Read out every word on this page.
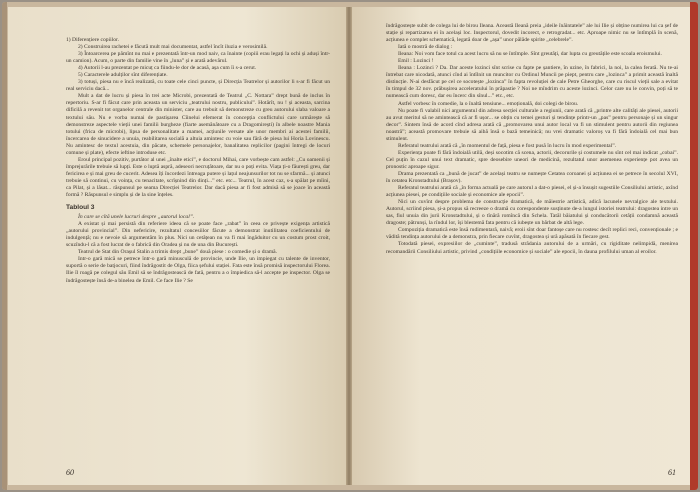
1) Diferențiere copiilor.

2) Construirea rachetei e făcută mult mai documentat, astfel încît iluzia e verosimilă.

3) Întoarcerea pe pămînt nu mai e prezentată într-un mod naiv, ca înainte (copiii erau legați la ochi și aduși într-un camion). Acum, o parte din familie vine în „luna” și e arată adevărul.

4) Autorii l-au prezentat pe micuț ca fiindu-le dor de acasă, așa cum îi s-a cerut.

5) Caracterele adulților sînt diferențiate.

3) totuși, piesa nu e încă realizată, cu toate cele cinci puncte, și Direcția Teatrelor și autorilor li s-ar fi făcut un real serviciu dacă...

Mult a dat de lucru și piesa în trei acte Microbi, prezentată de Teatrul „C. Nottara” drept bună de inclus în repertoriu. S-ar fi făcut care prin aceasta un serviciu „teatrului nostru, publicului”. Hotărît, nu ! și aceasta, sarcina dificilă a revenit tot organelor centrale din minister, care au trebuit să demonstreze cu greu autorului slaba valoare a textului său. Nu e vorba numai de pastișarea Cîinelui efemerat în concepția conflictului care urmărește să demonstreze aspectele vieții unei familii burgheze (fiarte asemănătoare cu a Dragomirești) în albele noastre Mania totului (frica de microbi), lipsa de personalitate a mamei, acțiunile versate ale unor membri ai acestei familii, încercarea de sinucidere a unuia, reabilitarea socială a altuia amintesc cu voie sau fără de piesa lui Horia Lovinescu. Nu amintesc de textul acestuia, din păcate, schemele personajelor, banalitatea replicilor (pagini întregi de locuri comune și plate), efecte ieftine introduse etc.

Eroul principal pozitiv, purtător al unei „înalte etici”, e doctorul Mihai, care vorbește cam astfel: „Cu oamenii și împrejurările trebuie să lupți. Este o luptă aspră, adeseori necruțătoare, dar nu o poți evita. Viața ți-o făurești greu, dar fericirea e și mai greu de cucerit. Adesea îți încordezi întreaga putere și lațul neajunsurilor tot nu se sfarmă... și atunci trebuie să continui, cu voința, cu tenacitate, scrîșnind din dinți...” etc. etc... Teatrul, în acest caz, s-a spălat pe mîini, ca Pilat, și a lăsat... răspunsul pe seama Direcției Teatrelor. Dar dacă piesa ar fi fost admisă să se joace în această formă ? Răspunsul e simplu și de la sine înțeles.

Tabloul 3

În care se cîtă unele lucruri despre „autorul local”.

A existat și mai persistă din referiere ideea că se poate face „rabat” în ceea ce privește exigența artistică „autorului provincial”. Din nefericire, rezultatul concesiilor făcute a demonstrat inutilitatea coeficientului de indulgență; nu e nevoie să argumentăm în plus. Nici un cetățean nu va fi mai îngăduitor cu un costum prost croit, scuzîndu-l că a fost lucrat de o fabrică din Oradea și nu de una din București.

Teatrul de Stat din Orașul Stalin a trimis drept „bune” două piese : o comedie și o dramă.

Intr-o gară mică se petrece într-o gară minusculă de provincie, unde Ilie, un impiegat cu talente de inventor, suportă o serie de batjocuri, fiind îndrăgostit de Olga, fiica șefului stației. Fata este însă promisă inspectorului Florea. Ilie îl roagă pe colegul său Emil să se îndrăgostească de fată, pentru a o împiedica să-l accepte pe inspector. Olga se îndrăgostește însă de-a binelea de Emil. Ce face Ilie ? Se

60

îndrăgostește subit de colega lui de birou Ileana. Această Ileană preia „ideile înăintatele” ale lui Ilie și obține numirea lui ca șef de stație și repartizarea ei în același loc. Inspectorul, dovedit incorect, e retrogradat... etc. Aproape nimic nu se întîmplă în scenă, acțiunea e complet schematică, legată doar de „așa” unor pălăde spirite „celebrele”.

Iată o mostră de dialog :

Ileana: Noi vom face totul ca acest lucru să nu se întîmple. Sînt greutăți, dar lupta cu greutățile este scoala eroismului.

Emil : Lozinci !

Ileana : Lozinci ? Da. Dar aceste lozinci sînt scrise cu fapte pe șantiere, în uzine, în fabrici, la noi, la calea ferată. Nu te-ai întrebat care nicodată, atunci cînd ai întîlnit un muncitor cu Ordinul Muncii pe piept, pentru care „lozinca” a primit această înaltă distincție. N-ai desfăcut pe cel ce socotește „lozinca” în fapta revoluției de cale Petre Gheorghe, care cu riscul vieții sale a evitat în timpul de 32 nov. prăbușirea acceleratului în prăpastie ? Noi ne mîndrim cu aceste lozinci. Celor care nu le convin, poți să te numească cum doresc, dar eu încerc din sînul...” etc., etc.

Astfel vorbesc în comedie, la o înaltă tensiune... emoțională, doi colegi de birou.

Nu poate fi valabil nici argumentul din adresa secției culturale a regiunii, care arată că „printre alte calități ale piesei, autorii au avut meritul să ne amintească că ar fi ușor... se obțin cu temei gesturi și tendințe printr-un „pas” pentru personaje și un singur decor”. Sintem însă de acord cînd adresa arată că „promovarea unui autor local va fi un stimulent pentru autorii din regiunea noastră”; această promovare trebuie să aibă însă o bază temeinică; nu vrei dramatic valoroș va fi fără îndoială cel mai bun stimulent.

Referatul teatrului arată că „în momentul de față, piesa e fost pusă în lucru în mod experimental”.

Experiența poate fi fără îndoială utilă, deși socotim că scena, actorii, decorurile și costumele nu sînt cel mai indicat „cobai”. Cel puțin în cazul unui text dramatic, spre deosebire uneori de medicină, rezultatul unor asemenea experiențe pot avea un pronostic aproape sigur.

Drama prezentată ca „bună de jucat” de același teatru se numește Cetatea coroanei și acțiunea ei se petrece în secolul XVI, în cetatea Kronstadtului (Brașov).

Referatul teatrului arată că „în forma actuală pe care autorul a dat-o piesei, el și-a însușit sugestiile Consiliului artistic, axînd acțiunea piesei, pe condițiile sociale și economice ale epocii”.

Nici un cuvînt despre problema de construcție dramatică, de măiestrie artistică, adică lacunele nevralgice ale textului. Autorul, scriind piesa, și-a propus să recreeze o dramă cu corespondente susținute de-a lungul istoriei teatrului: dragostea intre un sas, fiul unuia din jurii Kronstadtului, și o tînără romîncă din Schela. Tatăl băiatului și conducătorii cetății condamnă această dragoste; pătrunși, la rîndul lor, își blestemă fata pentru că iubește un bărbat de altă lege.

Compoziția dramatică este însă rudimentară, naivă; eroii sînt doar fantoșe care nu rostesc decît replici reci, convenționale ; e vădită tendința autorului de a demonstra, prin fiecare cuvînt, dragostea și ură apăsată în fiecare gest.

Totodată piesei, expresiilor de „cuminte”, tradusă strădania autorului de a urmări, cu rigiditate nelimpidă, menirea recomandării Consiliului artistic, privind „condițiile economice și sociale” ale epocii, în dauna profilului uman al eroilor.

61
